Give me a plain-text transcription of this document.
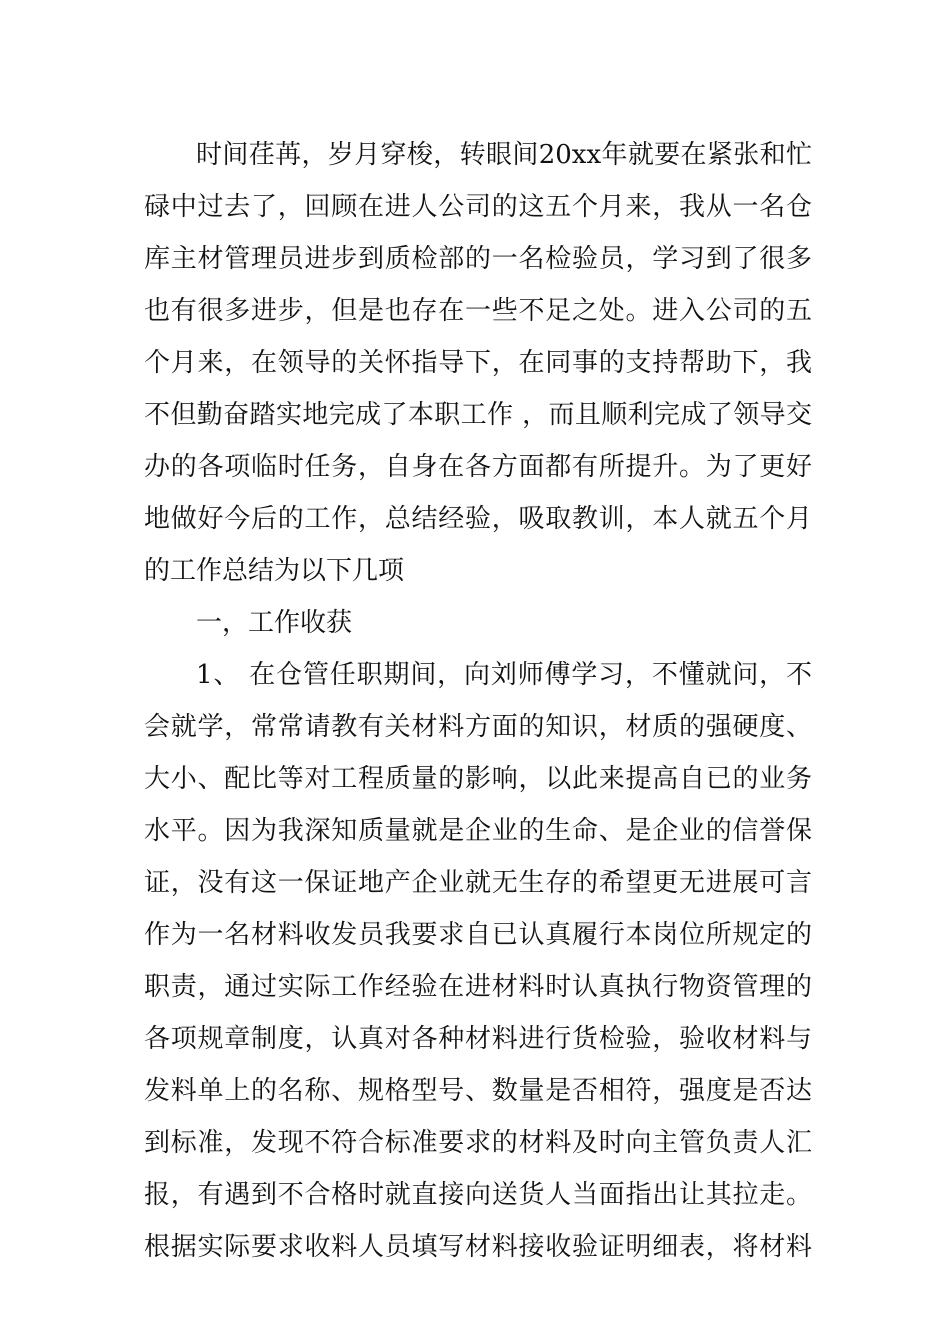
时间荏苒，岁月穿梭，转眼间20xx年就要在紧张和忙
碌中过去了，回顾在进人公司的这五个月来，我从一名仓
库主材管理员进步到质检部的一名检验员，学习到了很多
也有很多进步，但是也存在一些不足之处。进入公司的五
个月来，在领导的关怀指导下，在同事的支持帮助下，我
不但勤奋踏实地完成了本职工作 ，而且顺利完成了领导交
办的各项临时任务，自身在各方面都有所提升。为了更好
地做好今后的工作，总结经验，吸取教训，本人就五个月
的工作总结为以下几项
一，工作收获
1、 在仓管任职期间，向刘师傅学习，不懂就问，不
会就学，常常请教有关材料方面的知识，材质的强硬度、
大小、配比等对工程质量的影响，以此来提高自已的业务
水平。因为我深知质量就是企业的生命、是企业的信誉保
证，没有这一保证地产企业就无生存的希望更无进展可言
作为一名材料收发员我要求自已认真履行本岗位所规定的
职责，通过实际工作经验在进材料时认真执行物资管理的
各项规章制度，认真对各种材料进行货检验，验收材料与
发料单上的名称、规格型号、数量是否相符，强度是否达
到标准，发现不符合标准要求的材料及时向主管负责人汇
报，有遇到不合格时就直接向送货人当面指出让其拉走。
根据实际要求收料人员填写材料接收验证明细表，将材料
